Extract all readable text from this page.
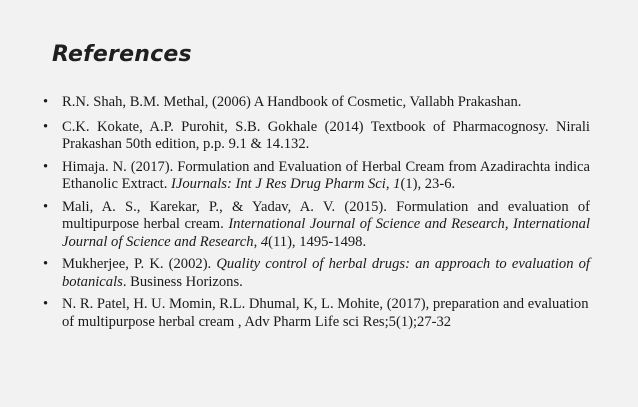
References
• R.N. Shah, B.M. Methal, (2006) A Handbook of Cosmetic, Vallabh Prakashan.
• C.K. Kokate, A.P. Purohit, S.B. Gokhale (2014) Textbook of Pharmacognosy. Nirali Prakashan 50th edition, p.p. 9.1 & 14.132.
• Himaja. N. (2017). Formulation and Evaluation of Herbal Cream from Azadirachta indica Ethanolic Extract. IJournals: Int J Res Drug Pharm Sci, 1(1), 23-6.
• Mali, A. S., Karekar, P., & Yadav, A. V. (2015). Formulation and evaluation of multipurpose herbal cream. International Journal of Science and Research, International Journal of Science and Research, 4(11), 1495-1498.
• Mukherjee, P. K. (2002). Quality control of herbal drugs: an approach to evaluation of botanicals. Business Horizons.
• N. R. Patel, H. U. Momin, R.L. Dhumal, K, L. Mohite, (2017), preparation and evaluation of multipurpose herbal cream , Adv Pharm Life sci Res;5(1);27-32
